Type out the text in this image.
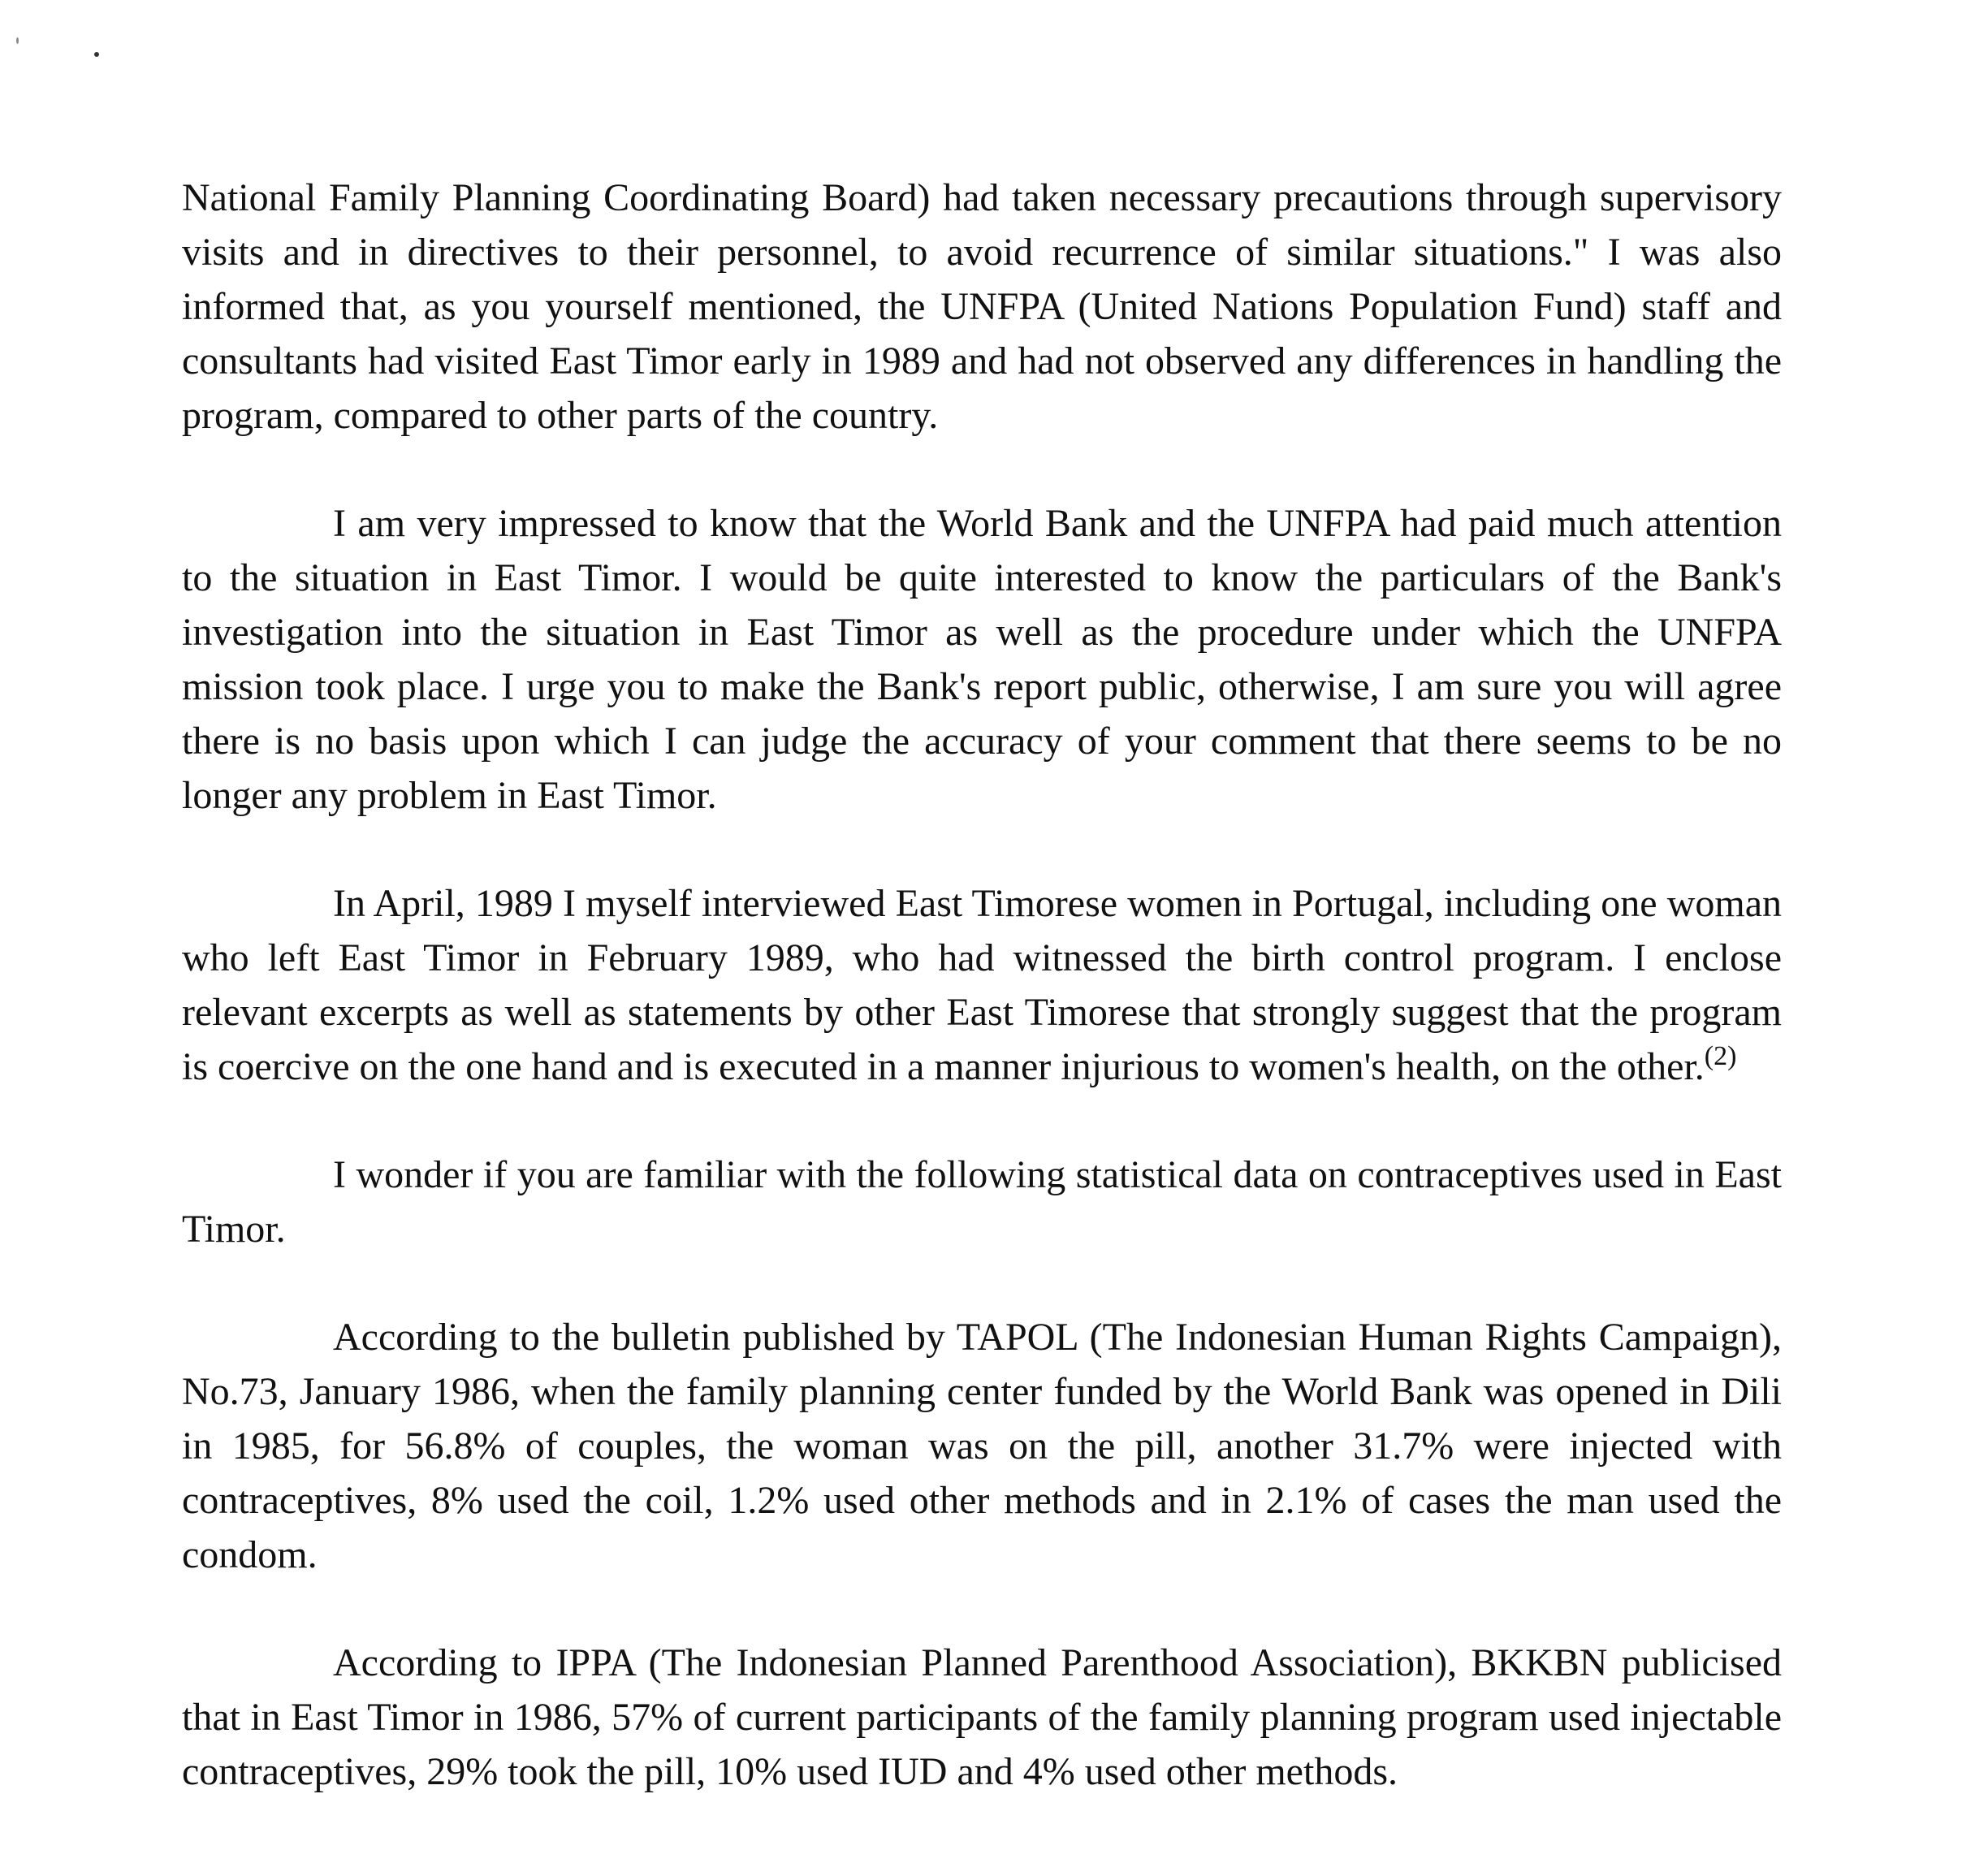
National Family Planning Coordinating Board) had taken necessary precautions through supervisory visits and in directives to their personnel, to avoid recurrence of similar situations." I was also informed that, as you yourself mentioned, the UNFPA (United Nations Population Fund) staff and consultants had visited East Timor early in 1989 and had not observed any differences in handling the program, compared to other parts of the country.

I am very impressed to know that the World Bank and the UNFPA had paid much attention to the situation in East Timor. I would be quite interested to know the particulars of the Bank's investigation into the situation in East Timor as well as the procedure under which the UNFPA mission took place. I urge you to make the Bank's report public, otherwise, I am sure you will agree there is no basis upon which I can judge the accuracy of your comment that there seems to be no longer any problem in East Timor.

In April, 1989 I myself interviewed East Timorese women in Portugal, including one woman who left East Timor in February 1989, who had witnessed the birth control program. I enclose relevant excerpts as well as statements by other East Timorese that strongly suggest that the program is coercive on the one hand and is executed in a manner injurious to women's health, on the other.$^{(2)}$

I wonder if you are familiar with the following statistical data on contraceptives used in East Timor.

According to the bulletin published by TAPOL (The Indonesian Human Rights Campaign), No.73, January 1986, when the family planning center funded by the World Bank was opened in Dili in 1985, for 56.8% of couples, the woman was on the pill, another 31.7% were injected with contraceptives, 8% used the coil, 1.2% used other methods and in 2.1% of cases the man used the condom.

According to IPPA (The Indonesian Planned Parenthood Association), BKKBN publicised that in East Timor in 1986, 57% of current participants of the family planning program used injectable contraceptives, 29% took the pill, 10% used IUD and 4% used other methods.
